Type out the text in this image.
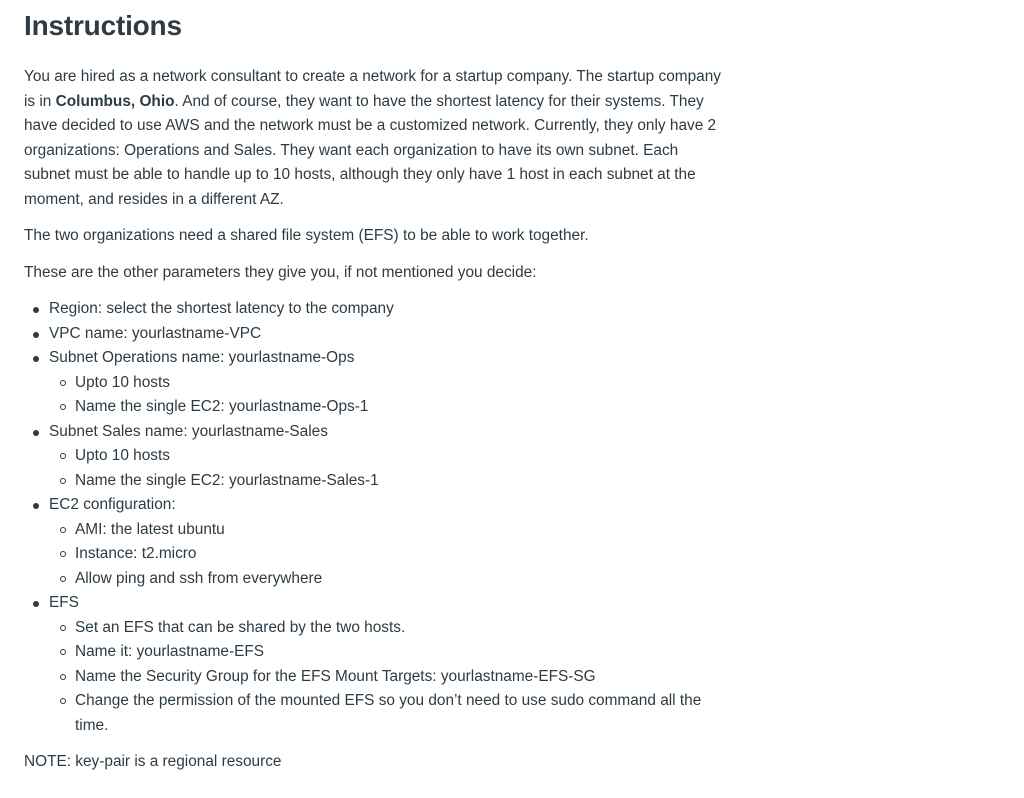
Instructions

You are hired as a network consultant to create a network for a startup company. The startup company is in Columbus, Ohio. And of course, they want to have the shortest latency for their systems. They have decided to use AWS and the network must be a customized network. Currently, they only have 2 organizations: Operations and Sales. They want each organization to have its own subnet. Each subnet must be able to handle up to 10 hosts, although they only have 1 host in each subnet at the moment, and resides in a different AZ.

The two organizations need a shared file system (EFS) to be able to work together.

These are the other parameters they give you, if not mentioned you decide:

Region: select the shortest latency to the company
VPC name: yourlastname-VPC
Subnet Operations name: yourlastname-Ops
Upto 10 hosts
Name the single EC2: yourlastname-Ops-1
Subnet Sales name: yourlastname-Sales
Upto 10 hosts
Name the single EC2: yourlastname-Sales-1
EC2 configuration:
AMI: the latest ubuntu
Instance: t2.micro
Allow ping and ssh from everywhere
EFS
Set an EFS that can be shared by the two hosts.
Name it: yourlastname-EFS
Name the Security Group for the EFS Mount Targets: yourlastname-EFS-SG
Change the permission of the mounted EFS so you don’t need to use sudo command all the time.

NOTE: key-pair is a regional resource
